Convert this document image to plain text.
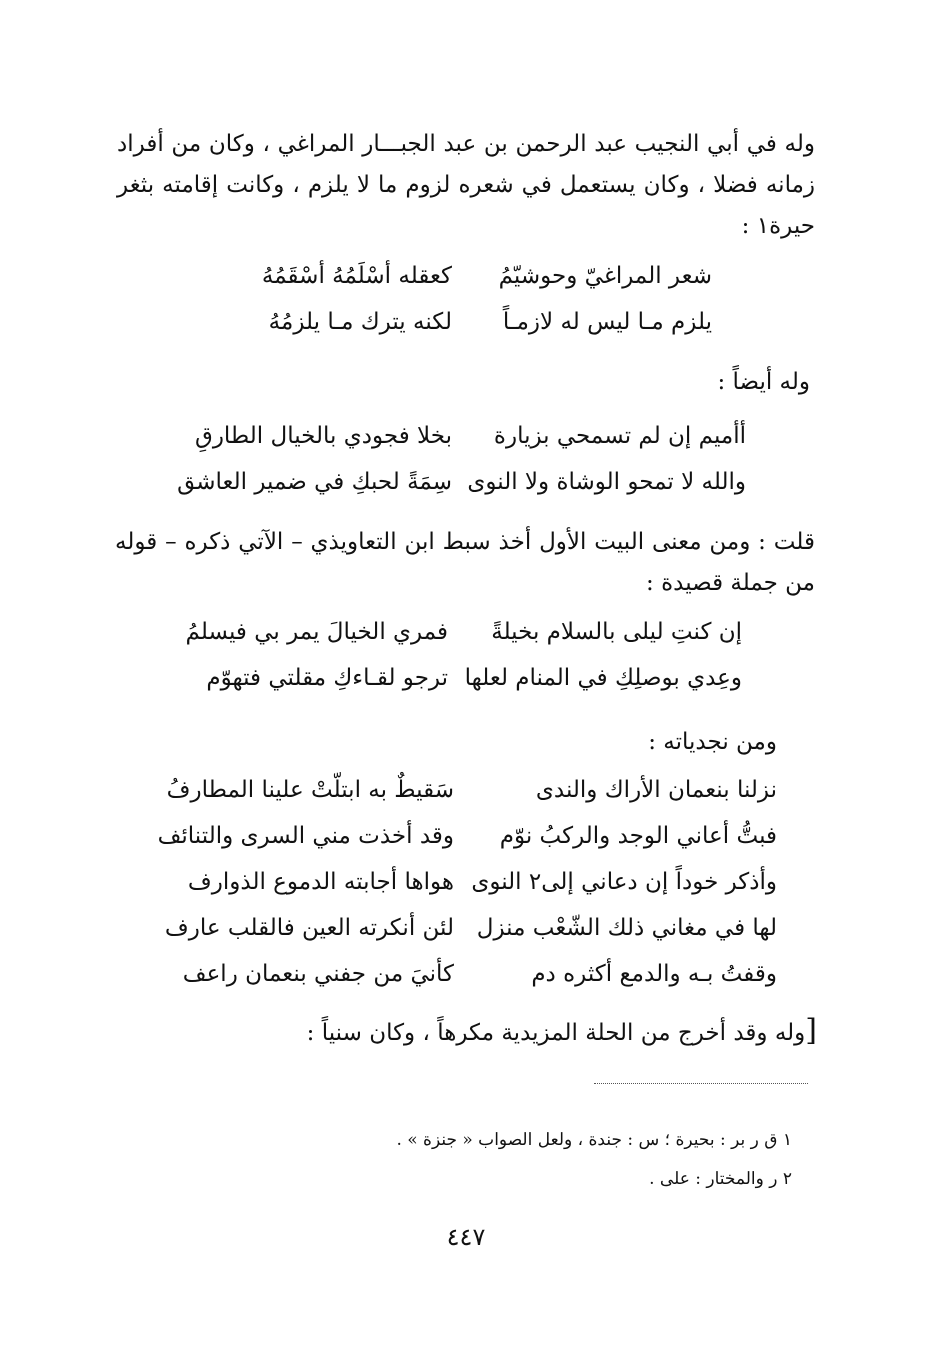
وله في أبي النجيب عبد الرحمن بن عبد الجبـــار المراغي ، وكان من أفراد زمانه فضلا ، وكان يستعمل في شعره لزوم ما لا يلزم ، وكانت إقامته بثغر حيرة١ :

شعر المراغيّ وحوشيّمُ
كعقله أسْلَمُهُ أسْقَمُهُ
يلزم مـا ليس له لازمـاً
لكنه يترك مـا يلزمُهُ

وله أيضاً :

أأميم إن لم تسمحي بزيارة
بخلا فجودي بالخيال الطارقِ
والله لا تمحو الوشاة ولا النوى
سِمَةً لحبكِ في ضمير العاشق

قلت : ومن معنى البيت الأول أخذ سبط ابن التعاويذي – الآتي ذكره – قوله من جملة قصيدة :

إن كنتِ ليلى بالسلام بخيلةً
فمري الخيالَ يمر بي فيسلمُ
وعِدي بوصلِكِ في المنام لعلها
ترجو لقـاءكِ مقلتي فتهوّم

ومن نجدياته :

نزلنا بنعمان الأراك والندى
سَقيطٌ به ابتلّتْ علينا المطارفُ
فبتُّ أعاني الوجد والركبُ نوّم
وقد أخذت مني السرى والتنائف
وأذكر خوداً إن دعاني إلى٢ النوى
هواها أجابته الدموع الذوارف
لها في مغاني ذلك الشّعْب منزل
لئن أنكرته العين فالقلب عارف
وقفتُ بـه والدمع أكثره دم
كأنيَ من جفني بنعمان راعف

[وله وقد أخرج من الحلة المزيدية مكرهاً ، وكان سنياً :

١ ق ر بر : بحيرة ؛ س : جندة ، ولعل الصواب « جنزة » .
٢ ر والمختار : على .
٤٤٧
